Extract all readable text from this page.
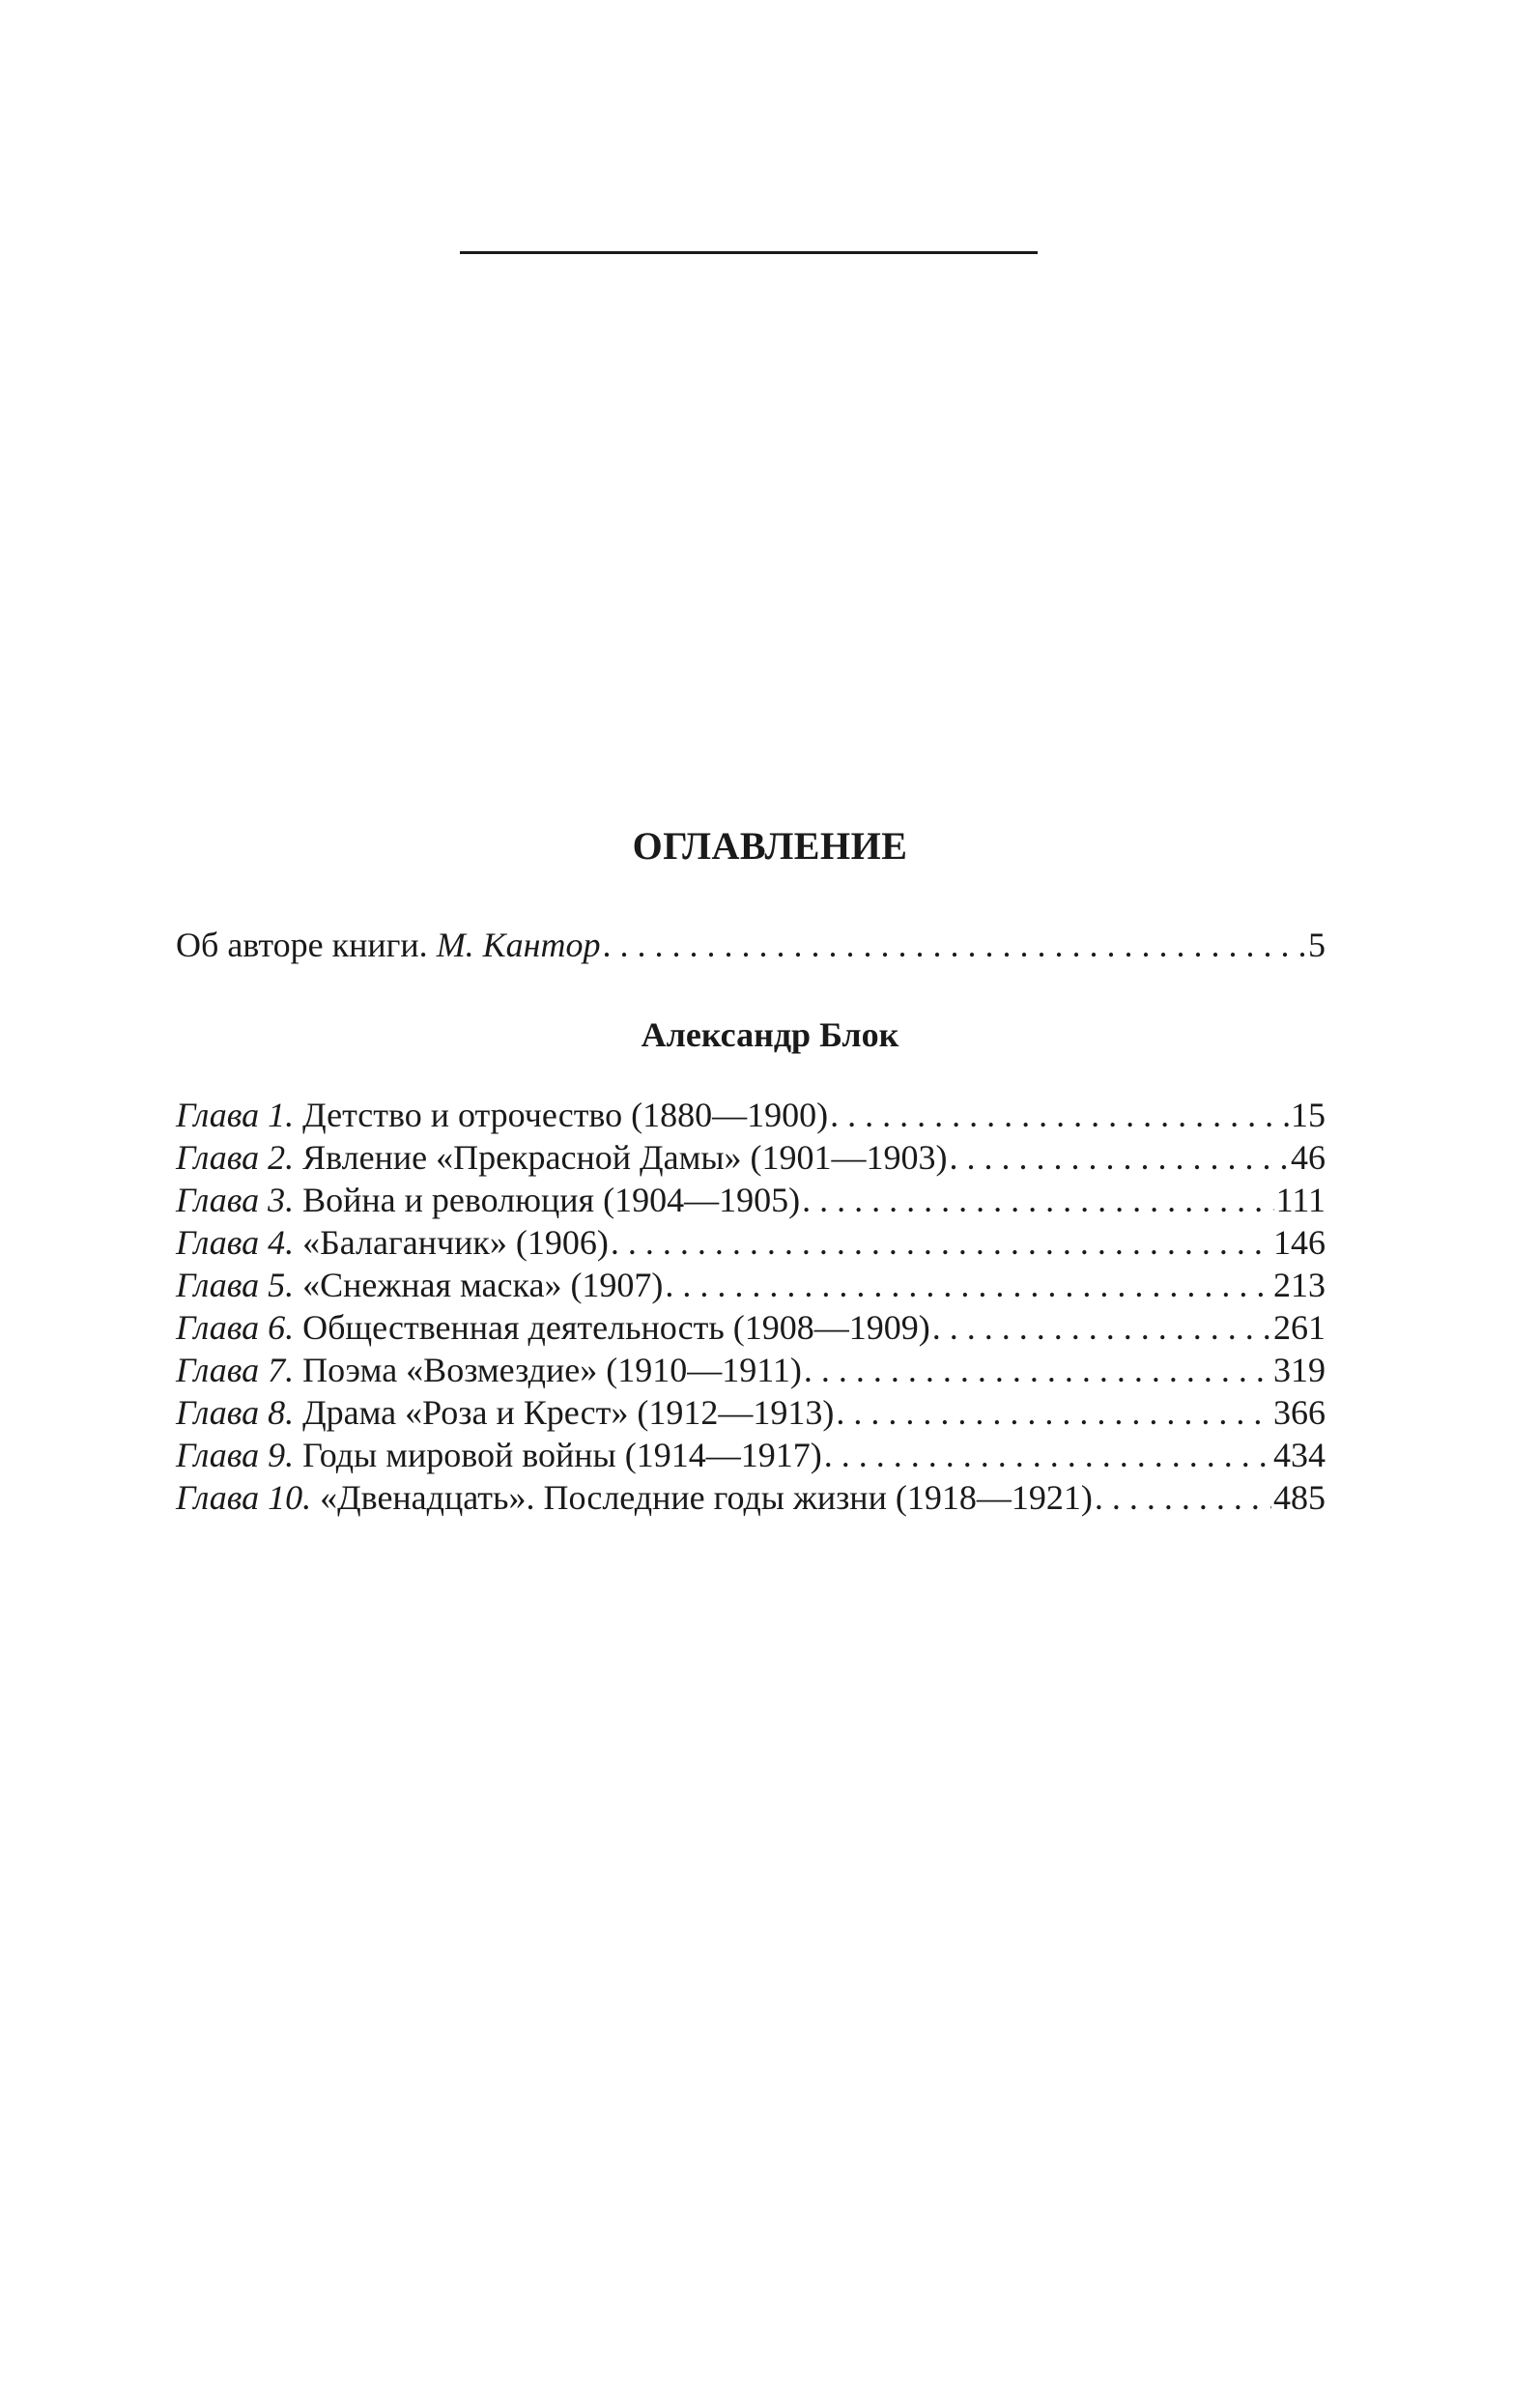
ОГЛАВЛЕНИЕ
Об авторе книги. М. Кантор . . .	5
Александр Блок
Глава 1. Детство и отрочество (1880—1900) . . .	15
Глава 2. Явление «Прекрасной Дамы» (1901—1903) . . .	46
Глава 3. Война и революция (1904—1905) . . .	111
Глава 4. «Балаганчик» (1906) . . .	146
Глава 5. «Снежная маска» (1907) . . .	213
Глава 6. Общественная деятельность (1908—1909) . . .	261
Глава 7. Поэма «Возмездие» (1910—1911) . . .	319
Глава 8. Драма «Роза и Крест» (1912—1913) . . .	366
Глава 9. Годы мировой войны (1914—1917) . . .	434
Глава 10. «Двенадцать». Последние годы жизни (1918—1921) . . .	485
